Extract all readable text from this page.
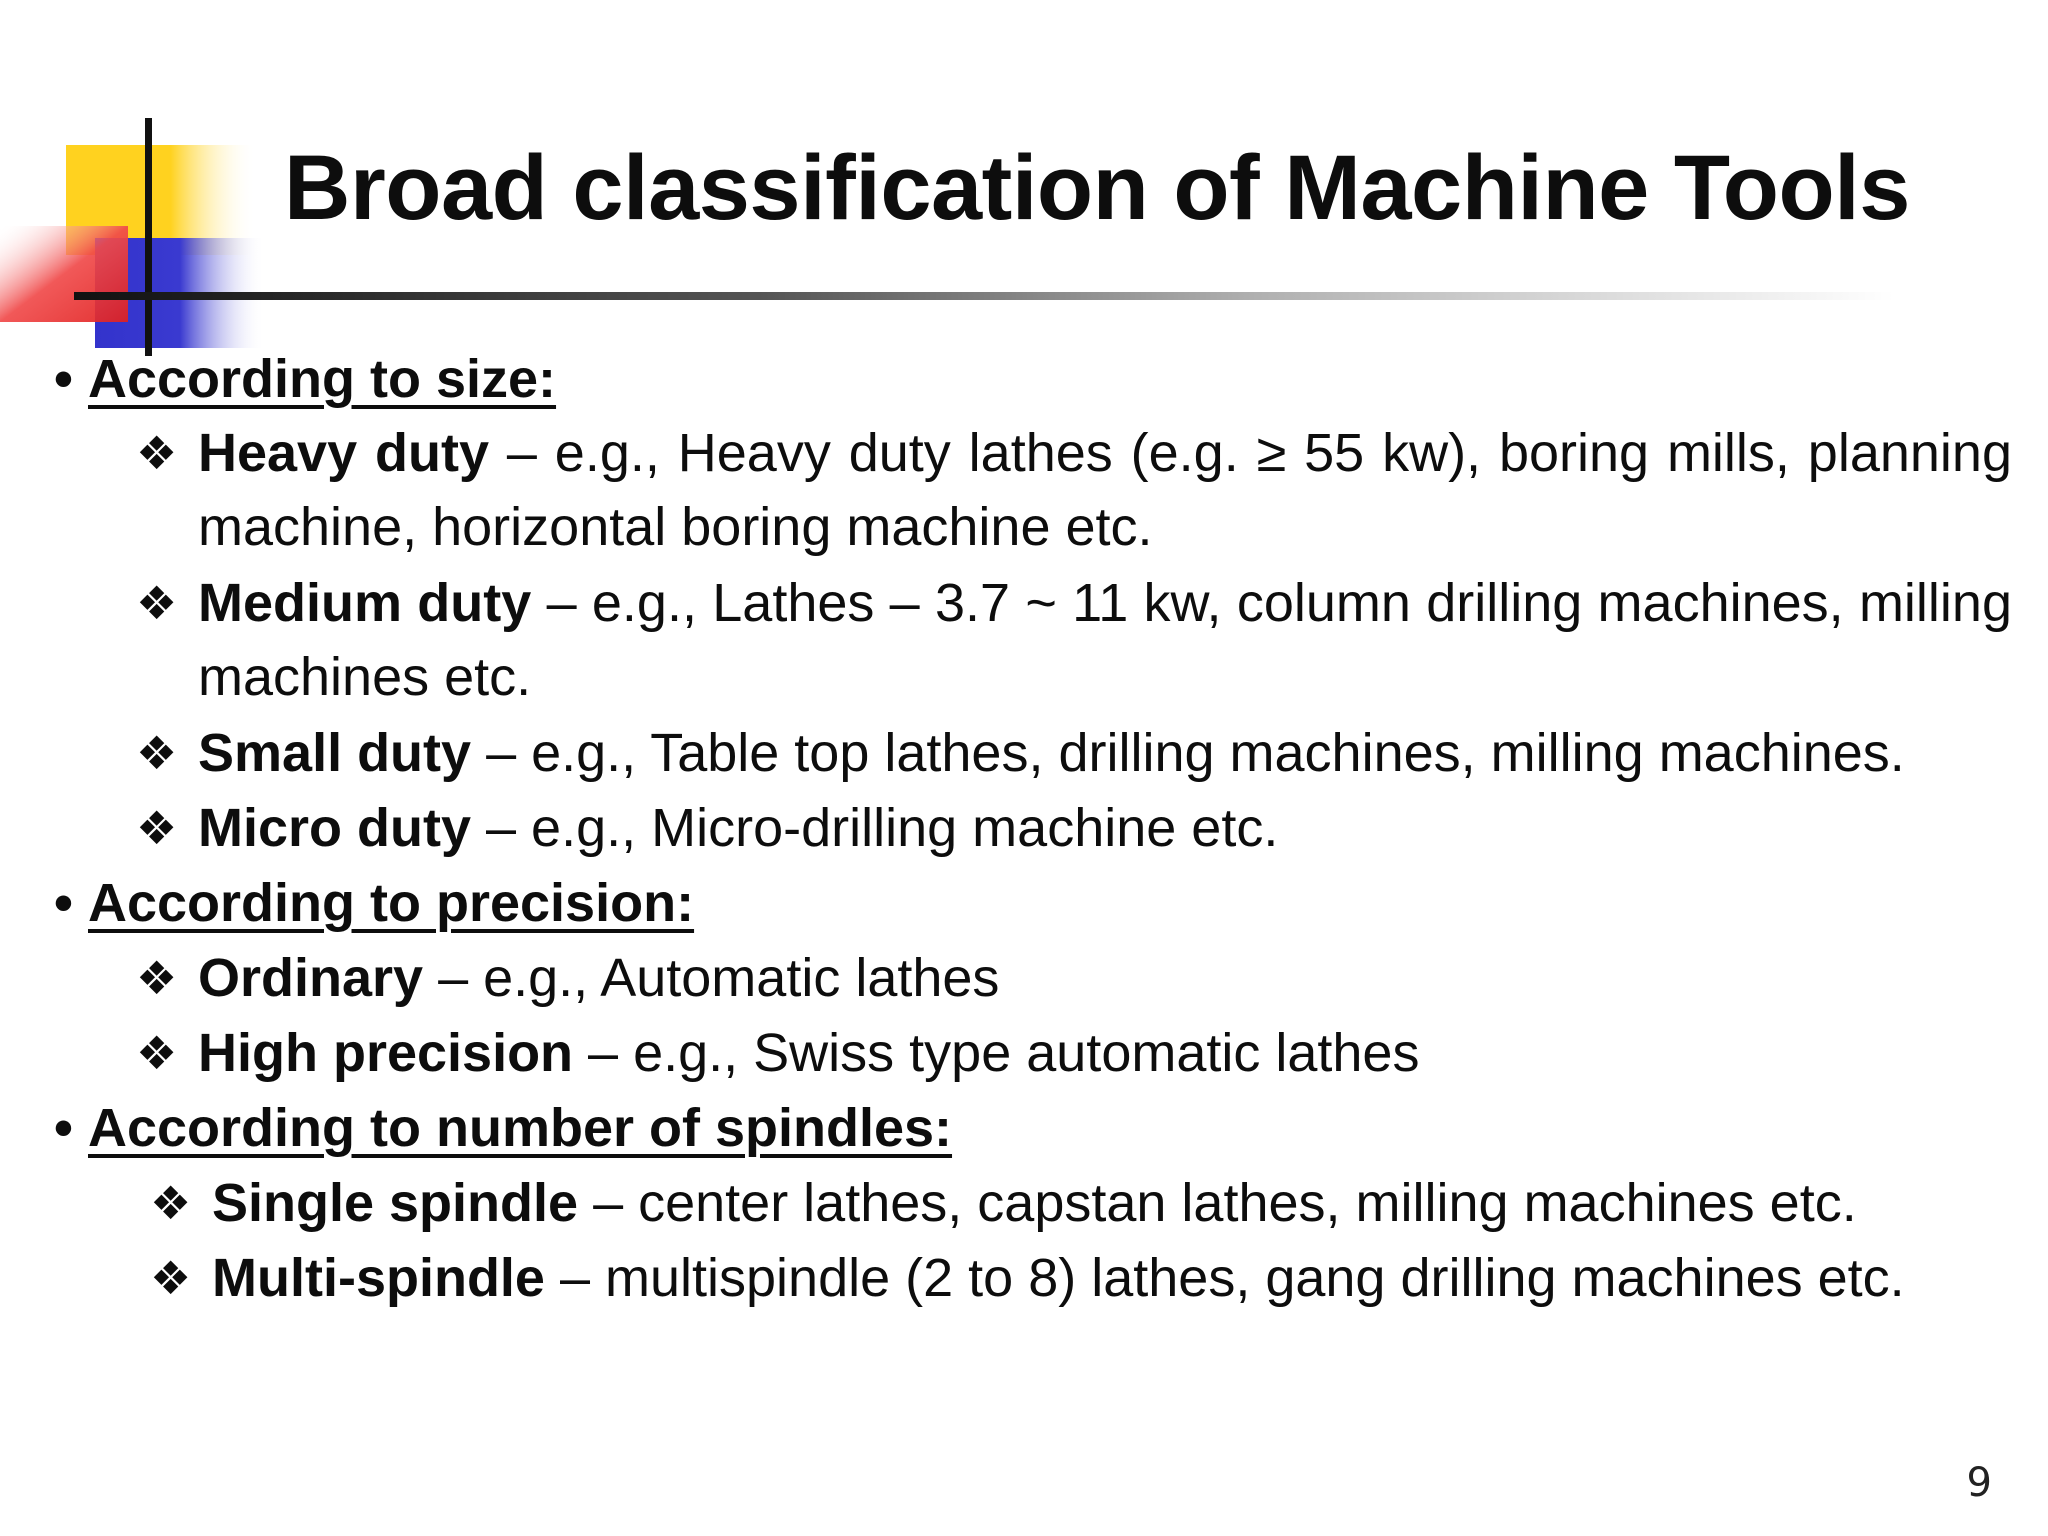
Broad classification of Machine Tools
• According to size:
❖ Heavy duty – e.g., Heavy duty lathes (e.g. ≥ 55 kw), boring mills, planning machine, horizontal boring machine etc.
❖ Medium duty – e.g., Lathes – 3.7 ~ 11 kw, column drilling machines, milling machines etc.
❖ Small duty – e.g., Table top lathes, drilling machines, milling machines.
❖ Micro duty – e.g., Micro-drilling machine etc.
• According to precision:
❖ Ordinary – e.g., Automatic lathes
❖ High precision – e.g., Swiss type automatic lathes
• According to number of spindles:
❖ Single spindle – center lathes, capstan lathes, milling machines etc.
❖ Multi-spindle – multispindle (2 to 8) lathes, gang drilling machines etc.
9
